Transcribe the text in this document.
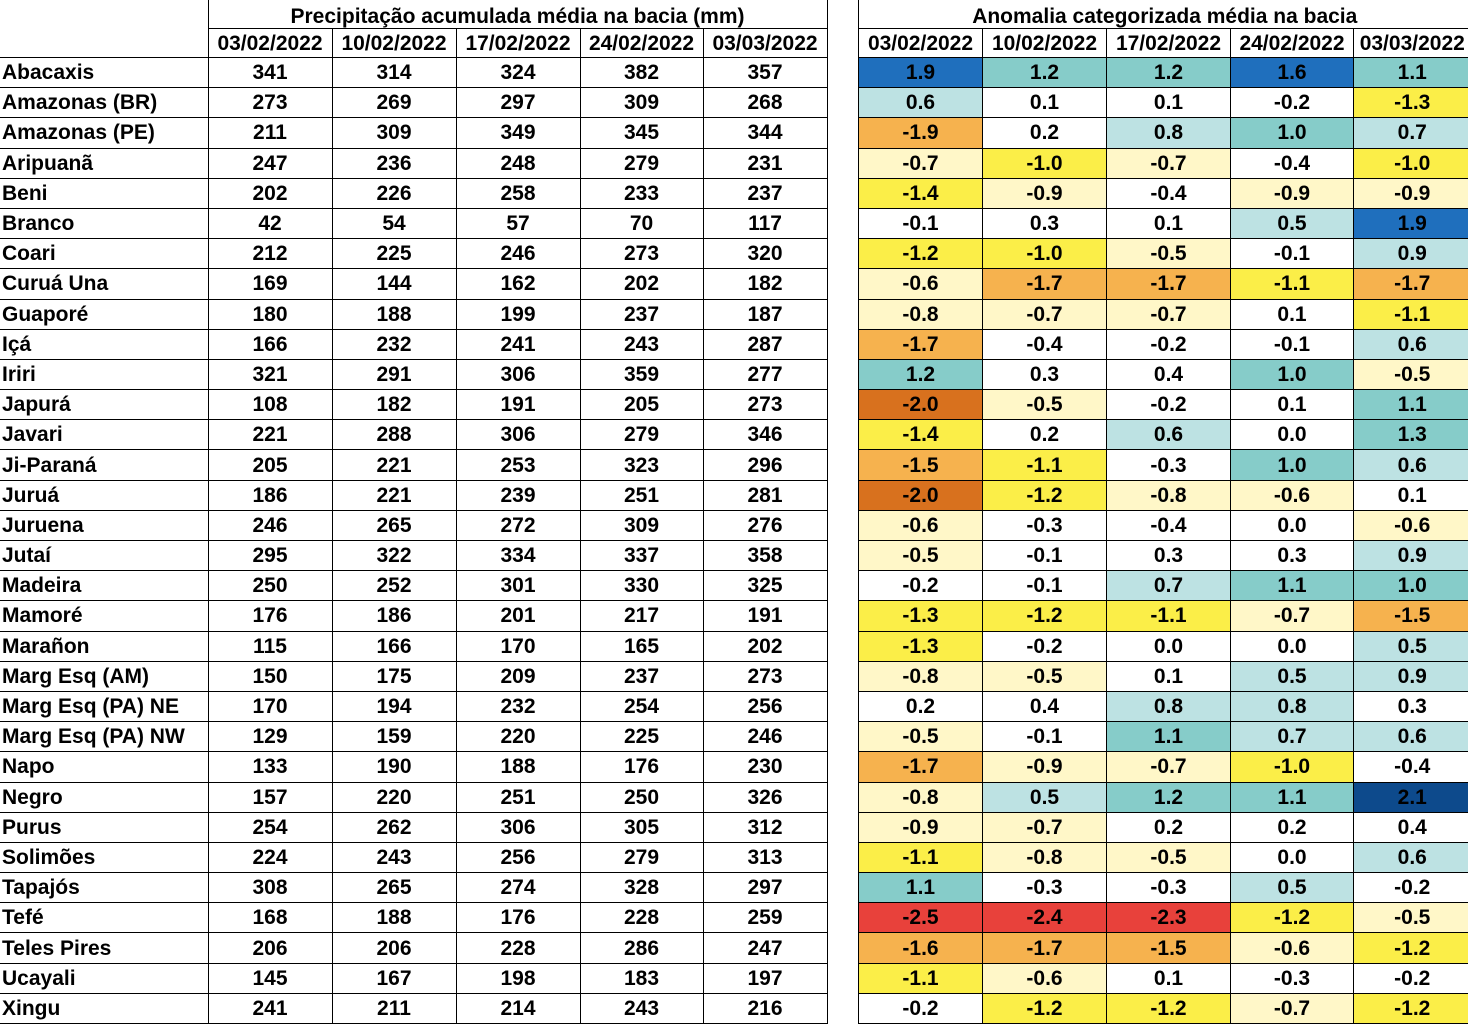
	Precipitação acumulada média na bacia (mm)				
	03/02/2022	10/02/2022	17/02/2022	24/02/2022	03/03/2022
Abacaxis	341	314	324	382	357
Amazonas (BR)	273	269	297	309	268
Amazonas (PE)	211	309	349	345	344
Aripuanã	247	236	248	279	231
Beni	202	226	258	233	237
Branco	42	54	57	70	117
Coari	212	225	246	273	320
Curuá Una	169	144	162	202	182
Guaporé	180	188	199	237	187
Içá	166	232	241	243	287
Iriri	321	291	306	359	277
Japurá	108	182	191	205	273
Javari	221	288	306	279	346
Ji-Paraná	205	221	253	323	296
Juruá	186	221	239	251	281
Juruena	246	265	272	309	276
Jutaí	295	322	334	337	358
Madeira	250	252	301	330	325
Mamoré	176	186	201	217	191
Marañon	115	166	170	165	202
Marg Esq (AM)	150	175	209	237	273
Marg Esq (PA) NE	170	194	232	254	256
Marg Esq (PA) NW	129	159	220	225	246
Napo	133	190	188	176	230
Negro	157	220	251	250	326
Purus	254	262	306	305	312
Solimões	224	243	256	279	313
Tapajós	308	265	274	328	297
Tefé	168	188	176	228	259
Teles Pires	206	206	228	286	247
Ucayali	145	167	198	183	197
Xingu	241	211	214	243	216
Anomalia categorizada média na bacia				
03/02/2022	10/02/2022	17/02/2022	24/02/2022	03/03/2022
1.9	1.2	1.2	1.6	1.1
0.6	0.1	0.1	-0.2	-1.3
-1.9	0.2	0.8	1.0	0.7
-0.7	-1.0	-0.7	-0.4	-1.0
-1.4	-0.9	-0.4	-0.9	-0.9
-0.1	0.3	0.1	0.5	1.9
-1.2	-1.0	-0.5	-0.1	0.9
-0.6	-1.7	-1.7	-1.1	-1.7
-0.8	-0.7	-0.7	0.1	-1.1
-1.7	-0.4	-0.2	-0.1	0.6
1.2	0.3	0.4	1.0	-0.5
-2.0	-0.5	-0.2	0.1	1.1
-1.4	0.2	0.6	0.0	1.3
-1.5	-1.1	-0.3	1.0	0.6
-2.0	-1.2	-0.8	-0.6	0.1
-0.6	-0.3	-0.4	0.0	-0.6
-0.5	-0.1	0.3	0.3	0.9
-0.2	-0.1	0.7	1.1	1.0
-1.3	-1.2	-1.1	-0.7	-1.5
-1.3	-0.2	0.0	0.0	0.5
-0.8	-0.5	0.1	0.5	0.9
0.2	0.4	0.8	0.8	0.3
-0.5	-0.1	1.1	0.7	0.6
-1.7	-0.9	-0.7	-1.0	-0.4
-0.8	0.5	1.2	1.1	2.1
-0.9	-0.7	0.2	0.2	0.4
-1.1	-0.8	-0.5	0.0	0.6
1.1	-0.3	-0.3	0.5	-0.2
-2.5	-2.4	-2.3	-1.2	-0.5
-1.6	-1.7	-1.5	-0.6	-1.2
-1.1	-0.6	0.1	-0.3	-0.2
-0.2	-1.2	-1.2	-0.7	-1.2
